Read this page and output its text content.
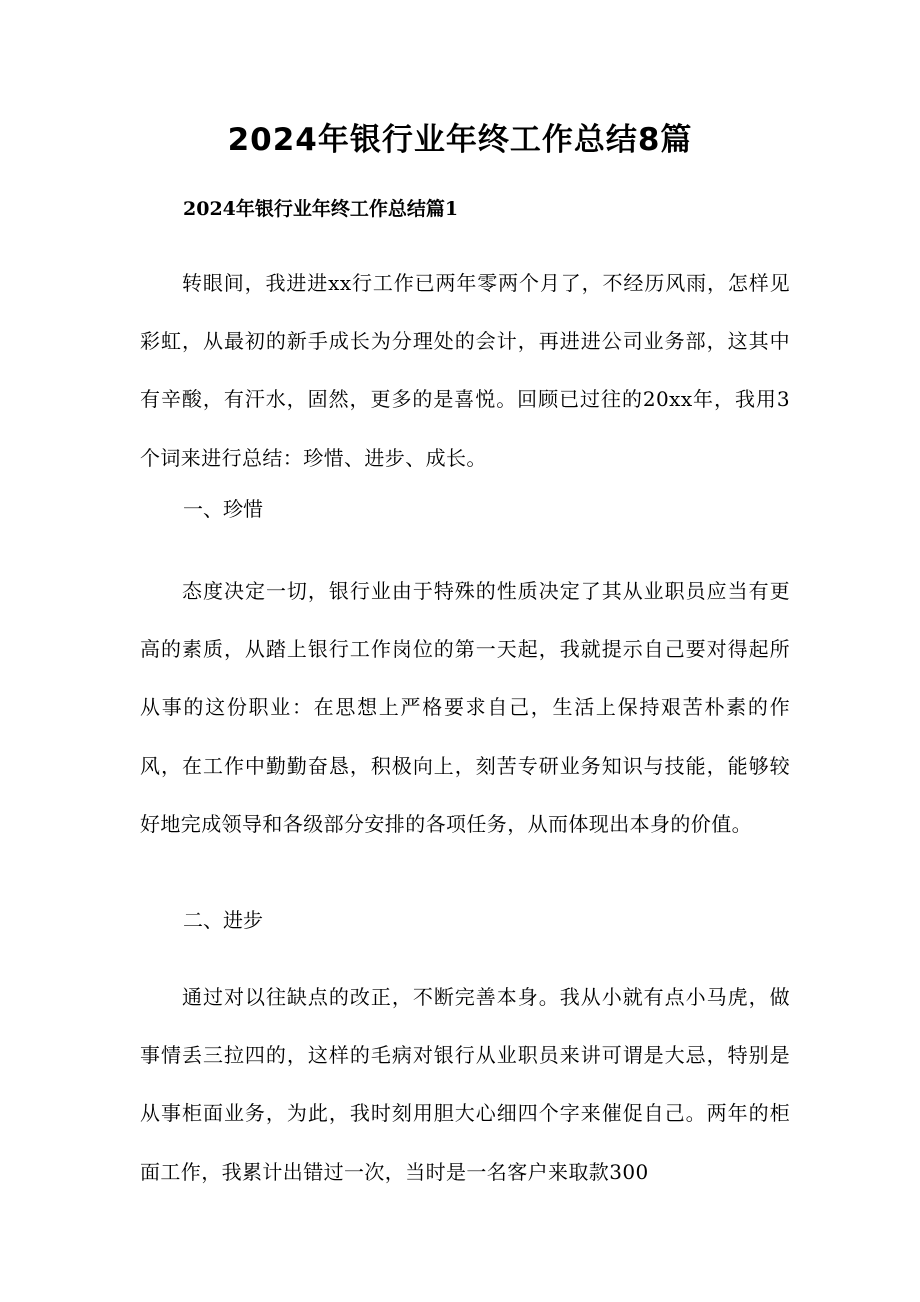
2024年银行业年终工作总结8篇

2024年银行业年终工作总结篇1

转眼间，我进进xx行工作已两年零两个月了，不经历风雨，怎样见彩虹，从最初的新手成长为分理处的会计，再进进公司业务部，这其中有辛酸，有汗水，固然，更多的是喜悦。回顾已过往的20xx年，我用3个词来进行总结：珍惜、进步、成长。

一、珍惜

态度决定一切，银行业由于特殊的性质决定了其从业职员应当有更高的素质，从踏上银行工作岗位的第一天起，我就提示自己要对得起所从事的这份职业：在思想上严格要求自己，生活上保持艰苦朴素的作风，在工作中勤勤奋恳，积极向上，刻苦专研业务知识与技能，能够较好地完成领导和各级部分安排的各项任务，从而体现出本身的价值。

二、进步

通过对以往缺点的改正，不断完善本身。我从小就有点小马虎，做事情丢三拉四的，这样的毛病对银行从业职员来讲可谓是大忌，特别是从事柜面业务，为此，我时刻用胆大心细四个字来催促自己。两年的柜面工作，我累计出错过一次，当时是一名客户来取款300
